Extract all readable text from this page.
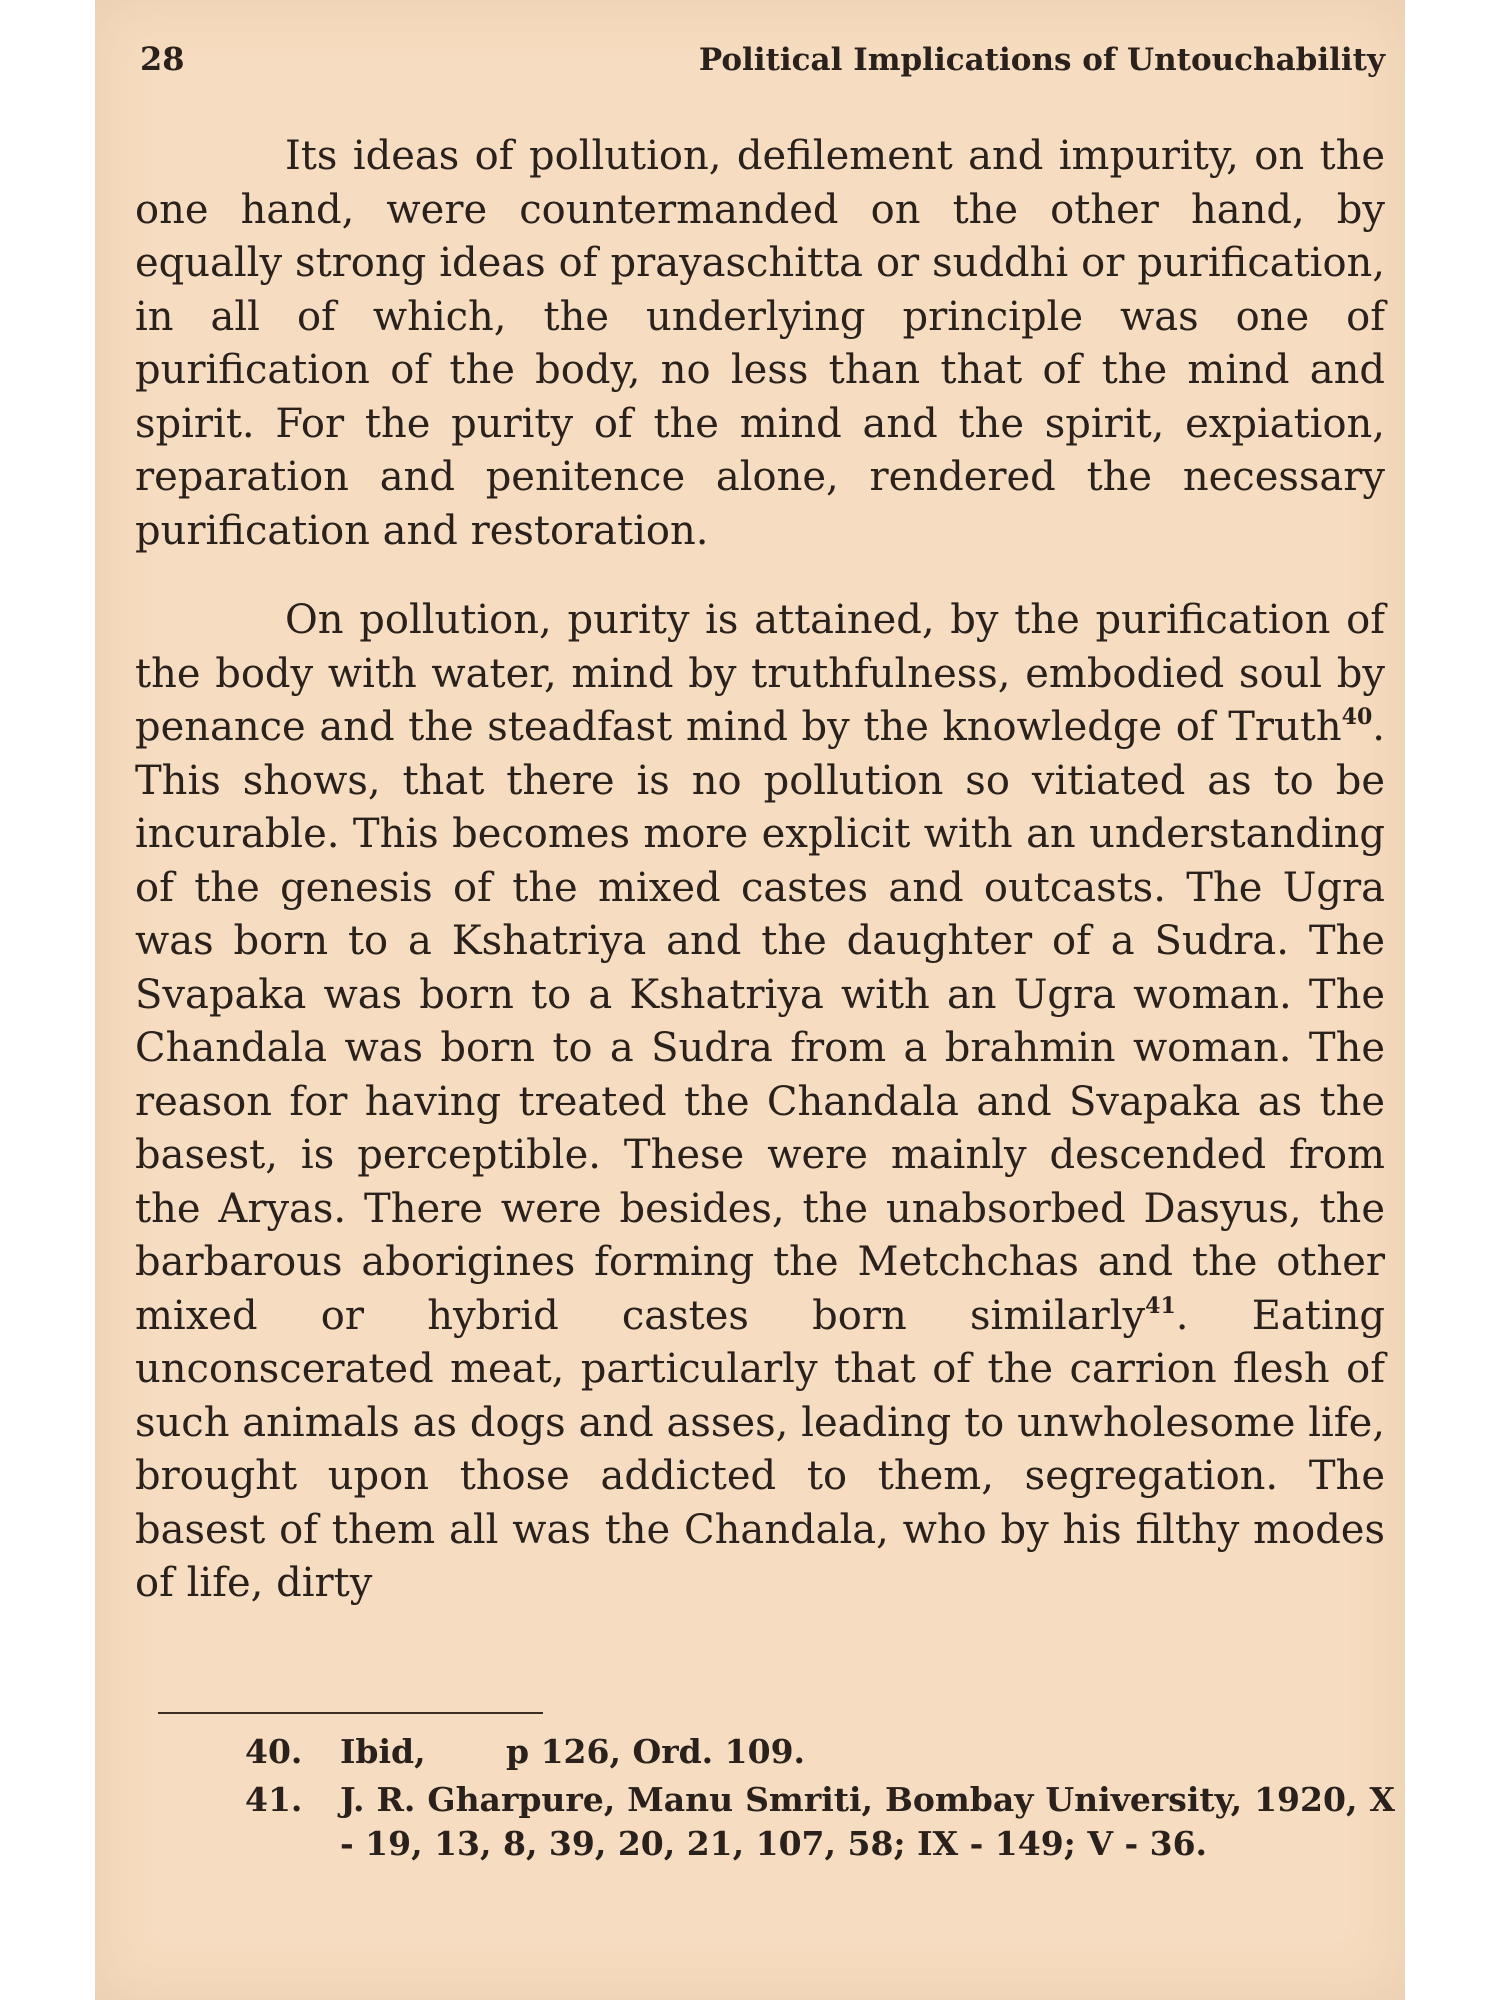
28	Political Implications of Untouchability

Its ideas of pollution, defilement and impurity, on the one hand, were countermanded on the other hand, by equally strong ideas of prayaschitta or suddhi or purification, in all of which, the underlying principle was one of purification of the body, no less than that of the mind and spirit. For the purity of the mind and the spirit, expiation, reparation and penitence alone, rendered the necessary purification and restoration.

On pollution, purity is attained, by the purification of the body with water, mind by truthfulness, embodied soul by penance and the steadfast mind by the knowledge of Truth$^{40}$. This shows, that there is no pollution so vitiated as to be incurable. This becomes more explicit with an understanding of the genesis of the mixed castes and outcasts. The Ugra was born to a Kshatriya and the daughter of a Sudra. The Svapaka was born to a Kshatriya with an Ugra woman. The Chandala was born to a Sudra from a brahmin woman. The reason for having treated the Chandala and Svapaka as the basest, is perceptible. These were mainly descended from the Aryas. There were besides, the unabsorbed Dasyus, the barbarous aborigines forming the Metchchas and the other mixed or hybrid castes born similarly$^{41}$. Eating unconscerated meat, particularly that of the carrion flesh of such animals as dogs and asses, leading to unwholesome life, brought upon those addicted to them, segregation. The basest of them all was the Chandala, who by his filthy modes of life, dirty

40.	Ibid,       p 126, Ord. 109.
41.	J. R. Gharpure, Manu Smriti, Bombay University, 1920, X - 19, 13, 8, 39, 20, 21, 107, 58; IX - 149; V - 36.
